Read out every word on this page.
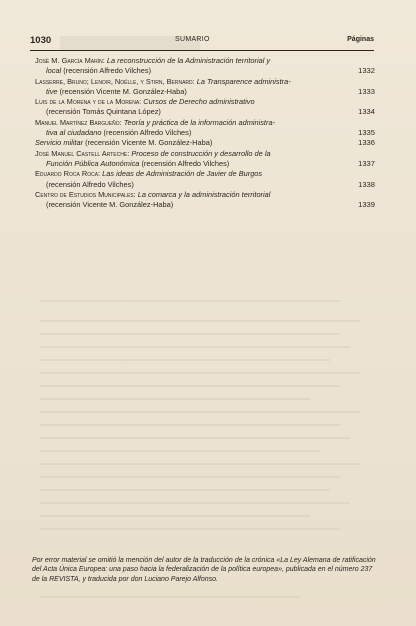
1030	SUMARIO	Páginas
José M. García Marín: La reconstrucción de la Administración territorial y
local (recensión Alfredo Vilches)	1332
Lasserre, Bruno; Lenoir, Noëlle, y Stirn, Bernard: La Transparence administra-
tive (recensión Vicente M. González-Haba)	1333
Luis de la Morena y de la Morena: Cursos de Derecho administrativo
(recensión Tomás Quintana López)	1334
Manuel Martínez Bargueño: Teoría y práctica de la información administra-
tiva al ciudadano (recensión Alfredo Vilches)	1335
Servicio militar (recensión Vicente M. González-Haba)	1336
José Manuel Castell Arteche: Proceso de construcción y desarrollo de la
Función Pública Autonómica (recensión Alfredo Vilches)	1337
Eduardo Roca Roca: Las ideas de Administración de Javier de Burgos
(recensión Alfredo Vilches)	1338
Centro de Estudios Municipales: La comarca y la administración territorial
(recensión Vicente M. González-Haba)	1339

Por error material se omitió la mención del autor de la traducción de la crónica «La Ley Alemana de ratificación del Acta Única Europea: una paso hacia la federalización de la política europea», publicada en el número 237 de la REVISTA, y traducida por don Luciano Parejo Alfonso.
